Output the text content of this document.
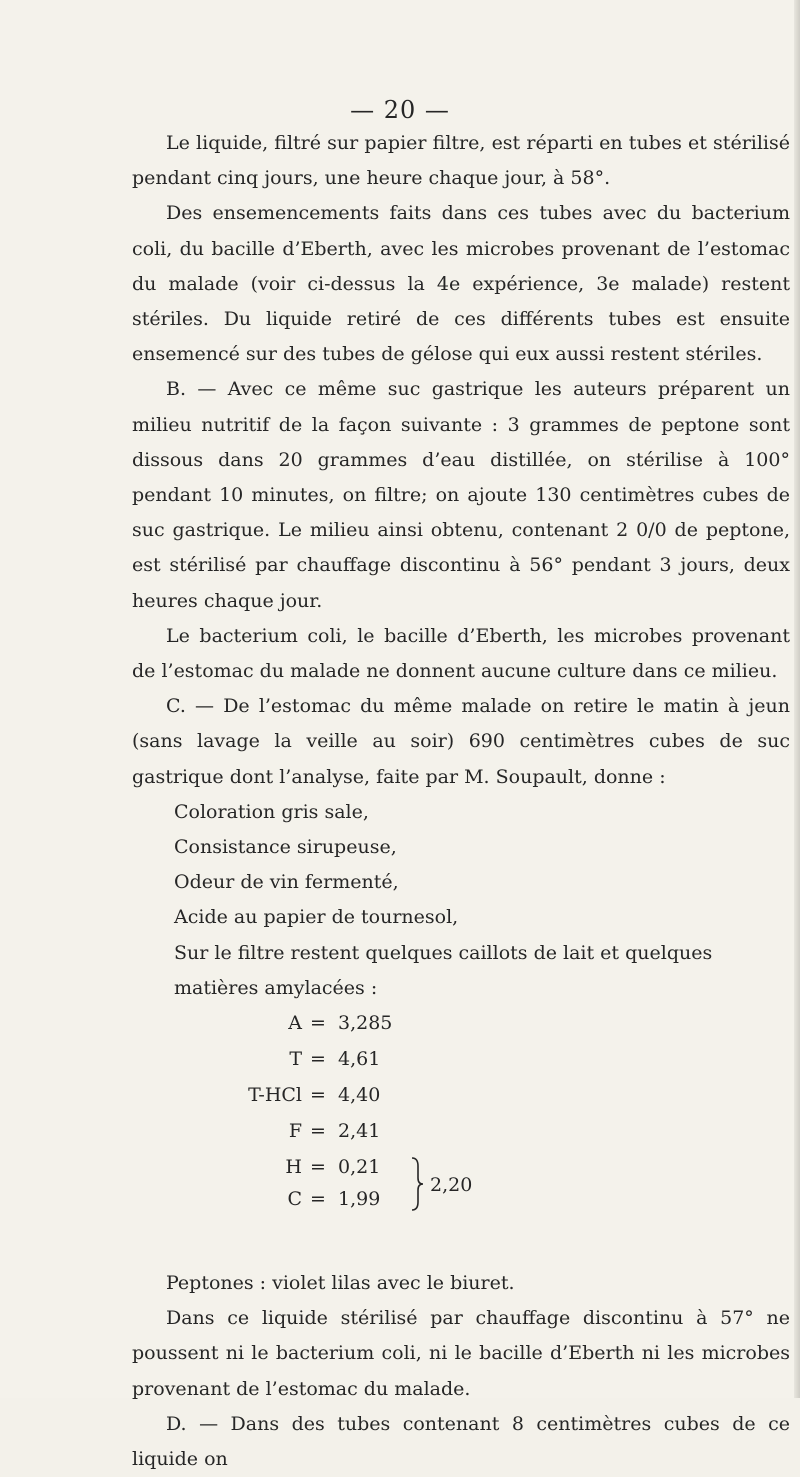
— 20 —

Le liquide, filtré sur papier filtre, est réparti en tubes et stérilisé pendant cinq jours, une heure chaque jour, à 58°.

Des ensemencements faits dans ces tubes avec du bacterium coli, du bacille d’Eberth, avec les microbes provenant de l’estomac du malade (voir ci-dessus la 4e expérience, 3e malade) restent stériles. Du liquide retiré de ces différents tubes est ensuite ensemencé sur des tubes de gélose qui eux aussi restent stériles.

B. — Avec ce même suc gastrique les auteurs préparent un milieu nutritif de la façon suivante : 3 grammes de peptone sont dissous dans 20 grammes d’eau distillée, on stérilise à 100° pendant 10 minutes, on filtre; on ajoute 130 centimètres cubes de suc gastrique. Le milieu ainsi obtenu, contenant 2 0/0 de peptone, est stérilisé par chauffage discontinu à 56° pendant 3 jours, deux heures chaque jour.

Le bacterium coli, le bacille d’Eberth, les microbes provenant de l’estomac du malade ne donnent aucune culture dans ce milieu.

C. — De l’estomac du même malade on retire le matin à jeun (sans lavage la veille au soir) 690 centimètres cubes de suc gastrique dont l’analyse, faite par M. Soupault, donne :

Coloration gris sale,
Consistance sirupeuse,
Odeur de vin fermenté,
Acide au papier de tournesol,
Sur le filtre restent quelques caillots de lait et quelques matières amylacées :
A = 3,285
T = 4,61
T-HCl = 4,40
F = 2,41
H = 0,21
C = 1,99
2,20

Peptones : violet lilas avec le biuret.

Dans ce liquide stérilisé par chauffage discontinu à 57° ne poussent ni le bacterium coli, ni le bacille d’Eberth ni les microbes provenant de l’estomac du malade.

D. — Dans des tubes contenant 8 centimètres cubes de ce liquide on
